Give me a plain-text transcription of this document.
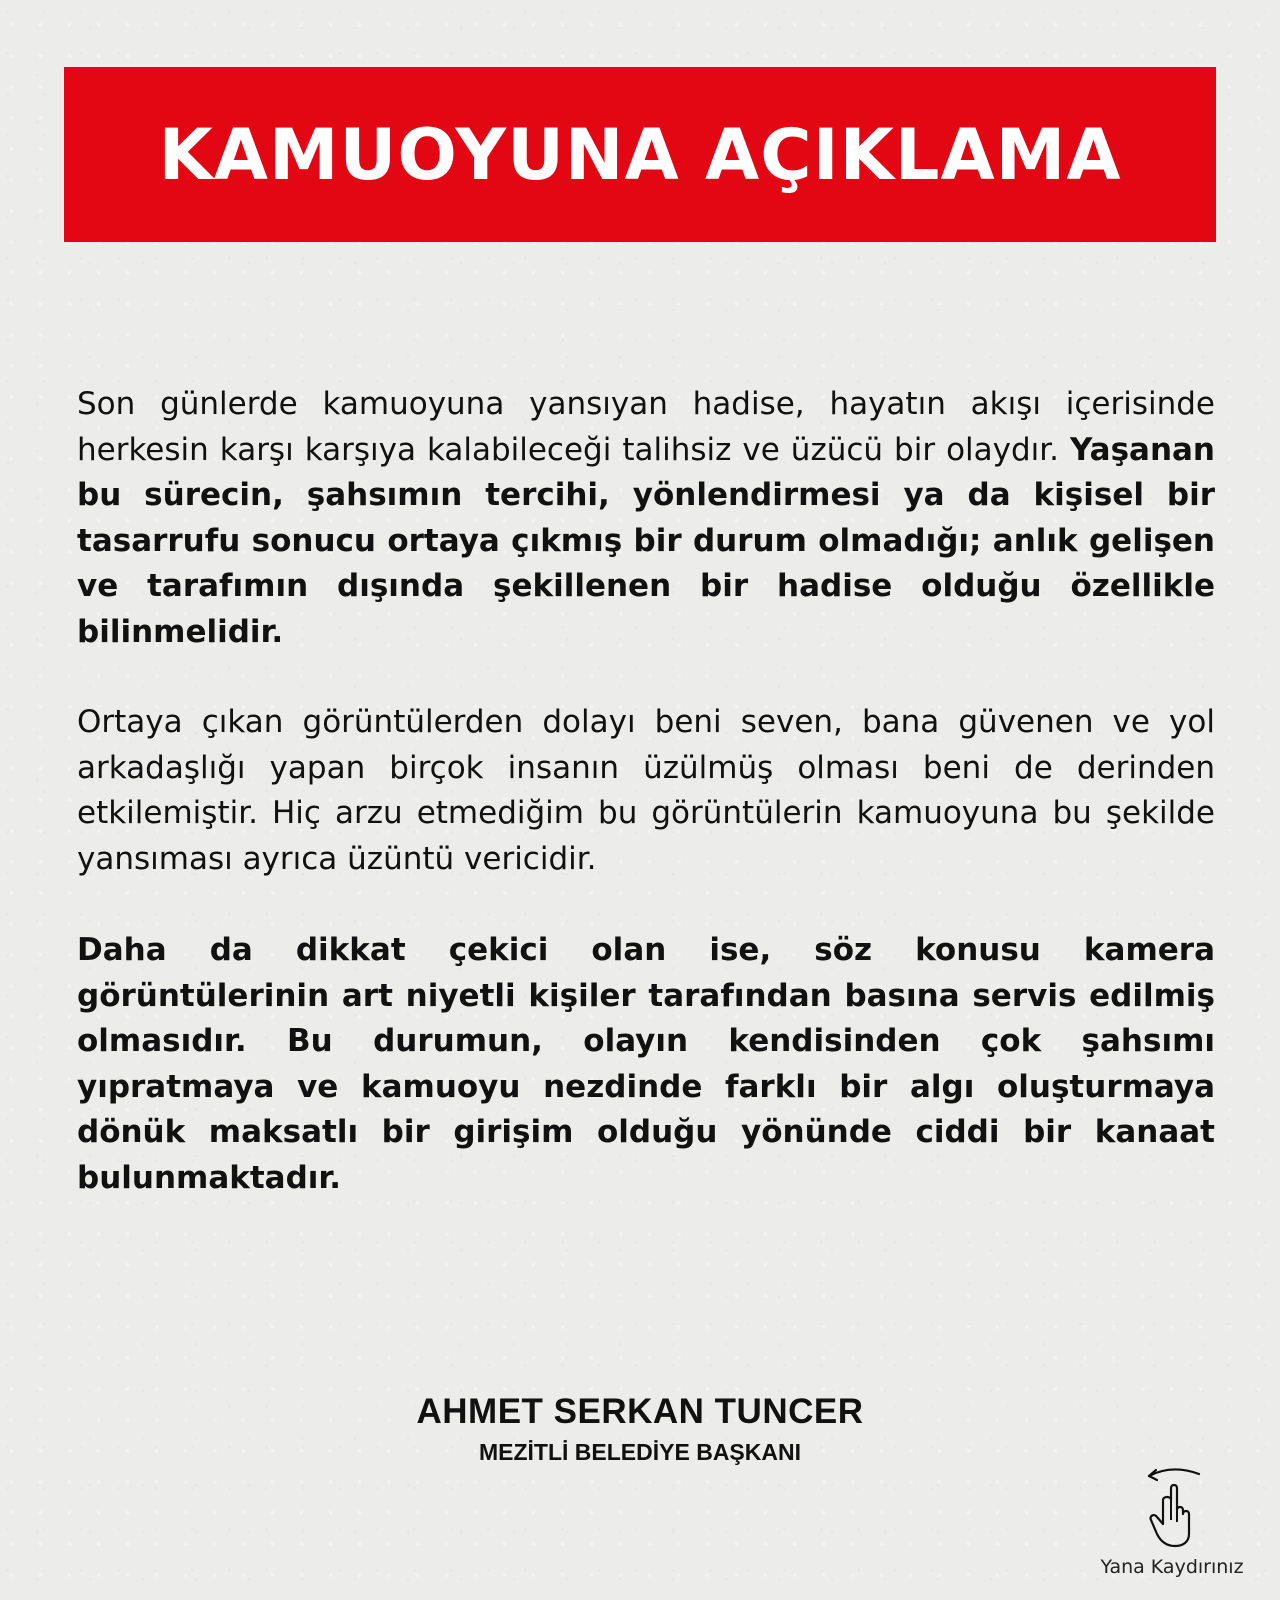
KAMUOYUNA AÇIKLAMA

Son günlerde kamuoyuna yansıyan hadise, hayatın akışı içerisinde herkesin karşı karşıya kalabileceği talihsiz ve üzücü bir olaydır. Yaşanan bu sürecin, şahsımın tercihi, yönlendirmesi ya da kişisel bir tasarrufu sonucu ortaya çıkmış bir durum olmadığı; anlık gelişen ve tarafımın dışında şekillenen bir hadise olduğu özellikle bilinmelidir.

Ortaya çıkan görüntülerden dolayı beni seven, bana güvenen ve yol arkadaşlığı yapan birçok insanın üzülmüş olması beni de derinden etkilemiştir. Hiç arzu etmediğim bu görüntülerin kamuoyuna bu şekilde yansıması ayrıca üzüntü vericidir.

Daha da dikkat çekici olan ise, söz konusu kamera görüntülerinin art niyetli kişiler tarafından basına servis edilmiş olmasıdır. Bu durumun, olayın kendisinden çok şahsımı yıpratmaya ve kamuoyu nezdinde farklı bir algı oluşturmaya dönük maksatlı bir girişim olduğu yönünde ciddi bir kanaat bulunmaktadır.

AHMET SERKAN TUNCER
MEZİTLİ BELEDİYE BAŞKANI
Yana Kaydırınız
